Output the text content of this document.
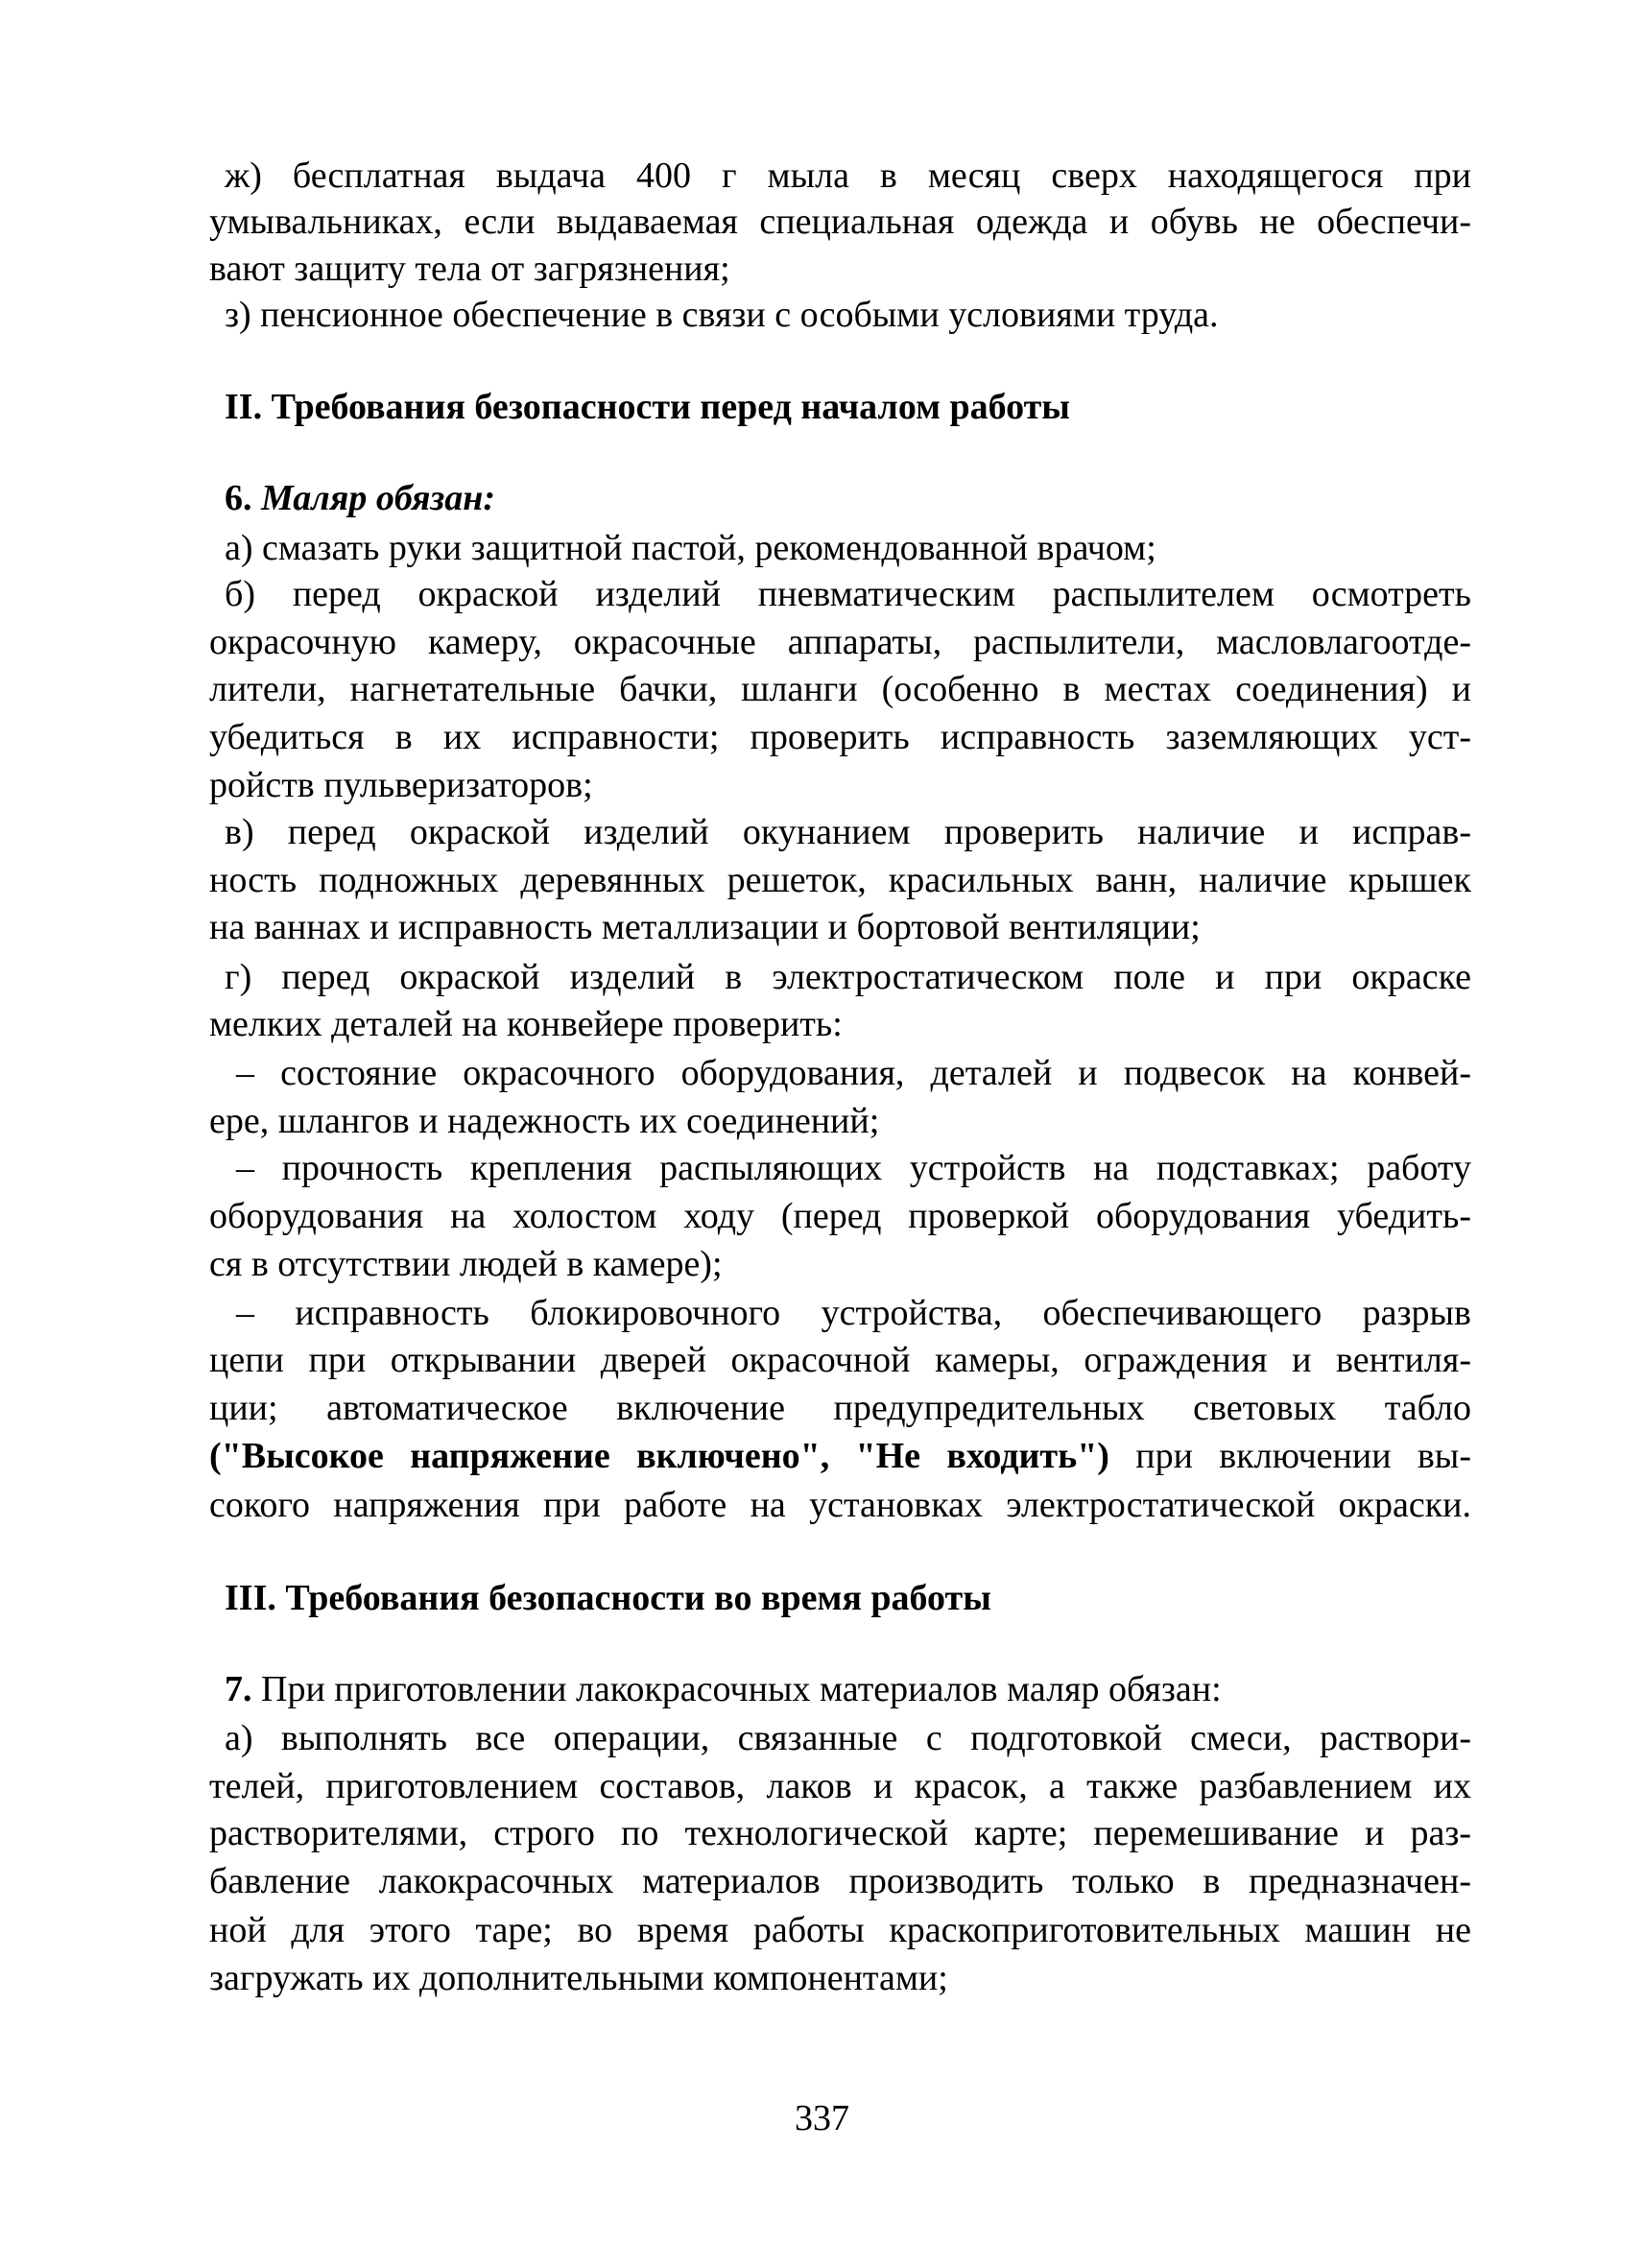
ж) бесплатная выдача 400 г мыла в месяц сверх находящегося при
умывальниках, если выдаваемая специальная одежда и обувь не обеспечи-
вают защиту тела от загрязнения;
з) пенсионное обеспечение в связи с особыми условиями труда.
II. Требования безопасности перед началом работы
6. Маляр обязан:
а) смазать руки защитной пастой, рекомендованной врачом;
б) перед окраской изделий пневматическим распылителем осмотреть
окрасочную камеру, окрасочные аппараты, распылители, масловлагоотде-
лители, нагнетательные бачки, шланги (особенно в местах соединения) и
убедиться в их исправности; проверить исправность заземляющих уст-
ройств пульверизаторов;
в) перед окраской изделий окунанием проверить наличие и исправ-
ность подножных деревянных решеток, красильных ванн, наличие крышек
на ваннах и исправность металлизации и бортовой вентиляции;
г) перед окраской изделий в электростатическом поле и при окраске
мелких деталей на конвейере проверить:
– состояние окрасочного оборудования, деталей и подвесок на конвей-
ере, шлангов и надежность их соединений;
– прочность крепления распыляющих устройств на подставках; работу
оборудования на холостом ходу (перед проверкой оборудования убедить-
ся в отсутствии людей в камере);
– исправность блокировочного устройства, обеспечивающего разрыв
цепи при открывании дверей окрасочной камеры, ограждения и вентиля-
ции; автоматическое включение предупредительных световых табло
("Высокое напряжение включено", "Не входить") при включении вы-
сокого напряжения при работе на установках электростатической окраски.
III. Требования безопасности во время работы
7. При приготовлении лакокрасочных материалов маляр обязан:
а) выполнять все операции, связанные с подготовкой смеси, раствори-
телей, приготовлением составов, лаков и красок, а также разбавлением их
растворителями, строго по технологической карте; перемешивание и раз-
бавление лакокрасочных материалов производить только в предназначен-
ной для этого таре; во время работы краскоприготовительных машин не
загружать их дополнительными компонентами;
337
